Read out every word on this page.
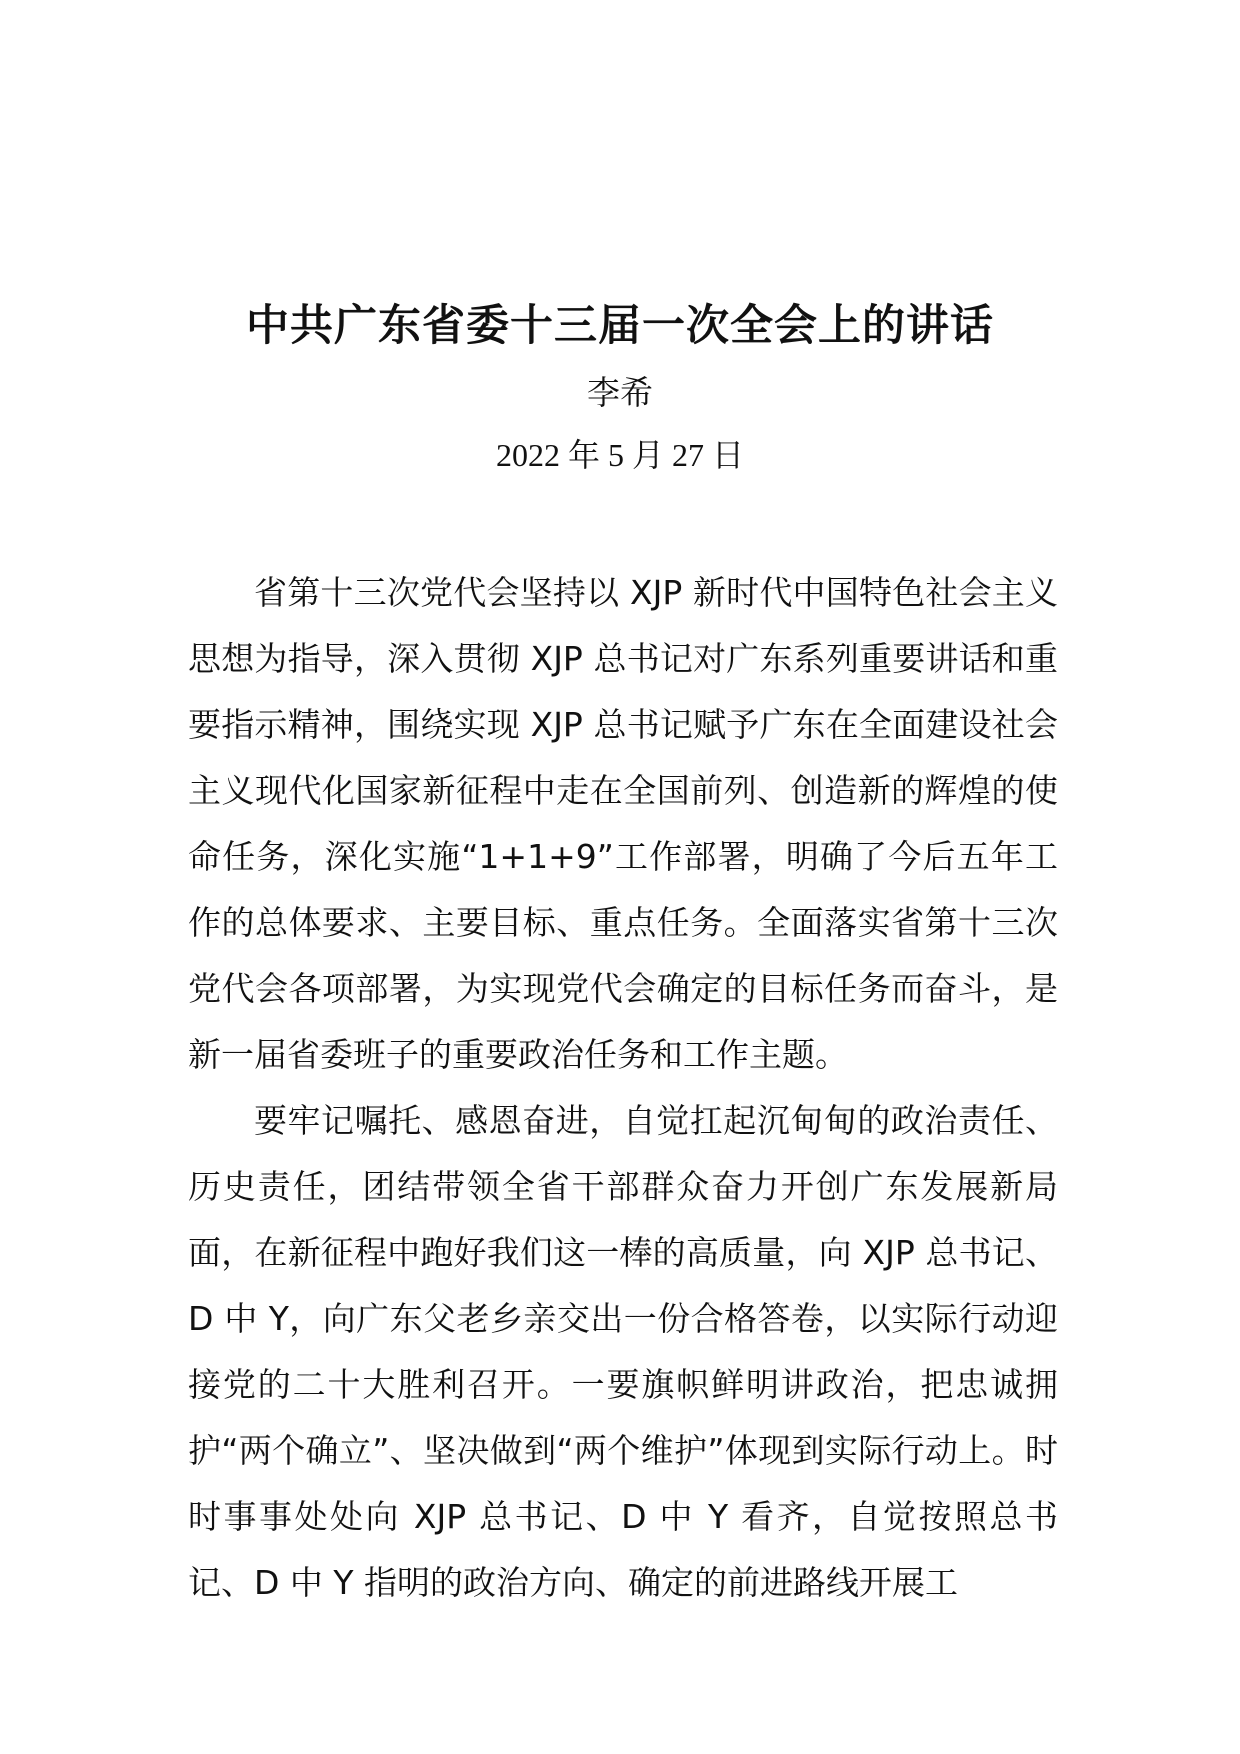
中共广东省委十三届一次全会上的讲话
李希
2022 年 5 月 27 日

省第十三次党代会坚持以 XJP 新时代中国特色社会主义思想为指导，深入贯彻 XJP 总书记对广东系列重要讲话和重要指示精神，围绕实现 XJP 总书记赋予广东在全面建设社会主义现代化国家新征程中走在全国前列、创造新的辉煌的使命任务，深化实施“1+1+9”工作部署，明确了今后五年工作的总体要求、主要目标、重点任务。全面落实省第十三次党代会各项部署，为实现党代会确定的目标任务而奋斗，是新一届省委班子的重要政治任务和工作主题。

要牢记嘱托、感恩奋进，自觉扛起沉甸甸的政治责任、历史责任，团结带领全省干部群众奋力开创广东发展新局面，在新征程中跑好我们这一棒的高质量，向 XJP 总书记、D 中 Y，向广东父老乡亲交出一份合格答卷，以实际行动迎接党的二十大胜利召开。一要旗帜鲜明讲政治，把忠诚拥护“两个确立”、坚决做到“两个维护”体现到实际行动上。时时事事处处向 XJP 总书记、D 中 Y 看齐，自觉按照总书记、D 中 Y 指明的政治方向、确定的前进路线开展工
